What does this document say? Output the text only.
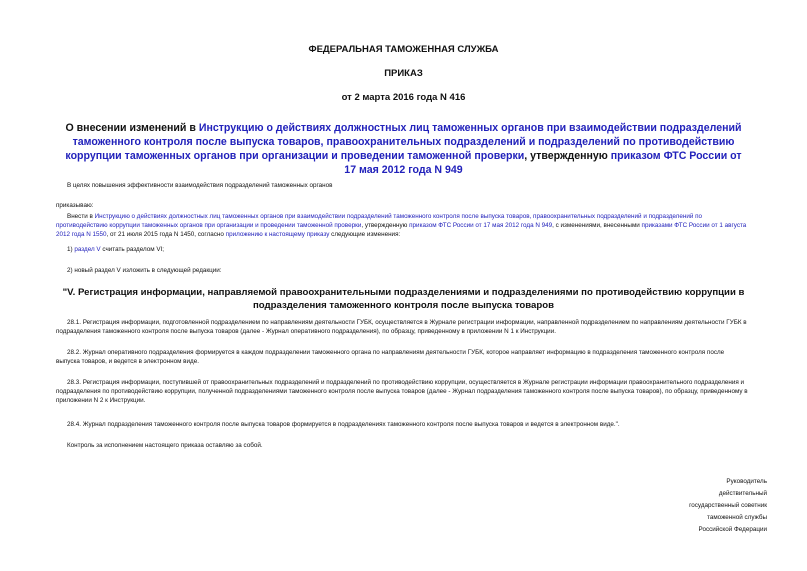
ФЕДЕРАЛЬНАЯ ТАМОЖЕННАЯ СЛУЖБА
ПРИКАЗ
от 2 марта 2016 года N 416
О внесении изменений в Инструкцию о действиях должностных лиц таможенных органов при взаимодействии подразделений таможенного контроля после выпуска товаров, правоохранительных подразделений и подразделений по противодействию коррупции таможенных органов при организации и проведении таможенной проверки, утвержденную приказом ФТС России от 17 мая 2012 года N 949
В целях повышения эффективности взаимодействия подразделений таможенных органов
приказываю:
Внести в Инструкцию о действиях должностных лиц таможенных органов при взаимодействии подразделений таможенного контроля после выпуска товаров, правоохранительных подразделений и подразделений по противодействию коррупции таможенных органов при организации и проведении таможенной проверки, утвержденную приказом ФТС России от 17 мая 2012 года N 949, с изменениями, внесенными приказами ФТС России от 1 августа 2012 года N 1550, от 21 июля 2015 года N 1450, согласно приложению к настоящему приказу следующие изменения:
1) раздел V считать разделом VI;
2) новый раздел V изложить в следующей редакции:
"V. Регистрация информации, направляемой правоохранительными подразделениями и подразделениями по противодействию коррупции в подразделения таможенного контроля после выпуска товаров
28.1. Регистрация информации, подготовленной подразделением по направлениям деятельности ГУБК, осуществляется в Журнале регистрации информации, направленной подразделением по направлениям деятельности ГУБК в подразделения таможенного контроля после выпуска товаров (далее - Журнал оперативного подразделения), по образцу, приведенному в приложении N 1 к Инструкции.
28.2. Журнал оперативного подразделения формируется в каждом подразделении таможенного органа по направлениям деятельности ГУБК, которое направляет информацию в подразделения таможенного контроля после выпуска товаров, и ведется в электронном виде.
28.3. Регистрация информации, поступившей от правоохранительных подразделений и подразделений по противодействию коррупции, осуществляется в Журнале регистрации информации правоохранительного подразделения и подразделения по противодействию коррупции, полученной подразделениями таможенного контроля после выпуска товаров (далее - Журнал подразделения таможенного контроля после выпуска товаров), по образцу, приведенному в приложении N 2 к Инструкции.
28.4. Журнал подразделения таможенного контроля после выпуска товаров формируется в подразделениях таможенного контроля после выпуска товаров и ведется в электронном виде.".
Контроль за исполнением настоящего приказа оставляю за собой.
Руководитель
действительный
государственный советник
таможенной службы
Российской Федерации
